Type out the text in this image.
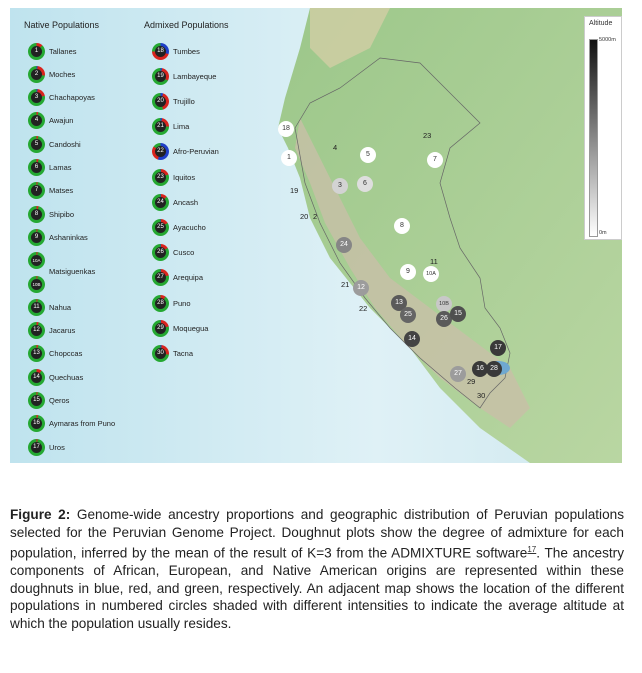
Native Populations	Admixed Populations
1	Tallanes
2	Moches
3	Chachapoyas
4	Awajun
5	Candoshi
6	Lamas
7	Matses
8	Shipibo
9	Ashaninkas
10A
Matsiguenkas
10B
11	Nahua
12 Jacarus
13 Chopccas
14 Quechuas
15 Qeros
16 Aymaras from Puno
17 Uros
18 Tumbes
19 Lambayeque
20 Trujillo
21 Lima
22 Afro-Peruvian
23 Iquitos
24 Ancash
25 Ayacucho
26 Cusco
27 Arequipa
28 Puno
29 Moquegua
30 Tacna
18
1
4
5
23
7
3	6
19
20 2
8
24
9
11
10A
21	12
22
13
25
10B
26
15
14
17
27
16 28
29
30
Altitude
5000m
0m
Figure 2: Genome-wide ancestry proportions and geographic distribution of Peruvian populations selected for the Peruvian Genome Project. Doughnut plots show the degree of admixture for each population, inferred by the mean of the result of K=3 from the ADMIXTURE software$^{17}$. The ancestry components of African, European, and Native American origins are represented within these doughnuts in blue, red, and green, respectively. An adjacent map shows the location of the different populations in numbered circles shaded with different intensities to indicate the average altitude at which the population usually resides.
